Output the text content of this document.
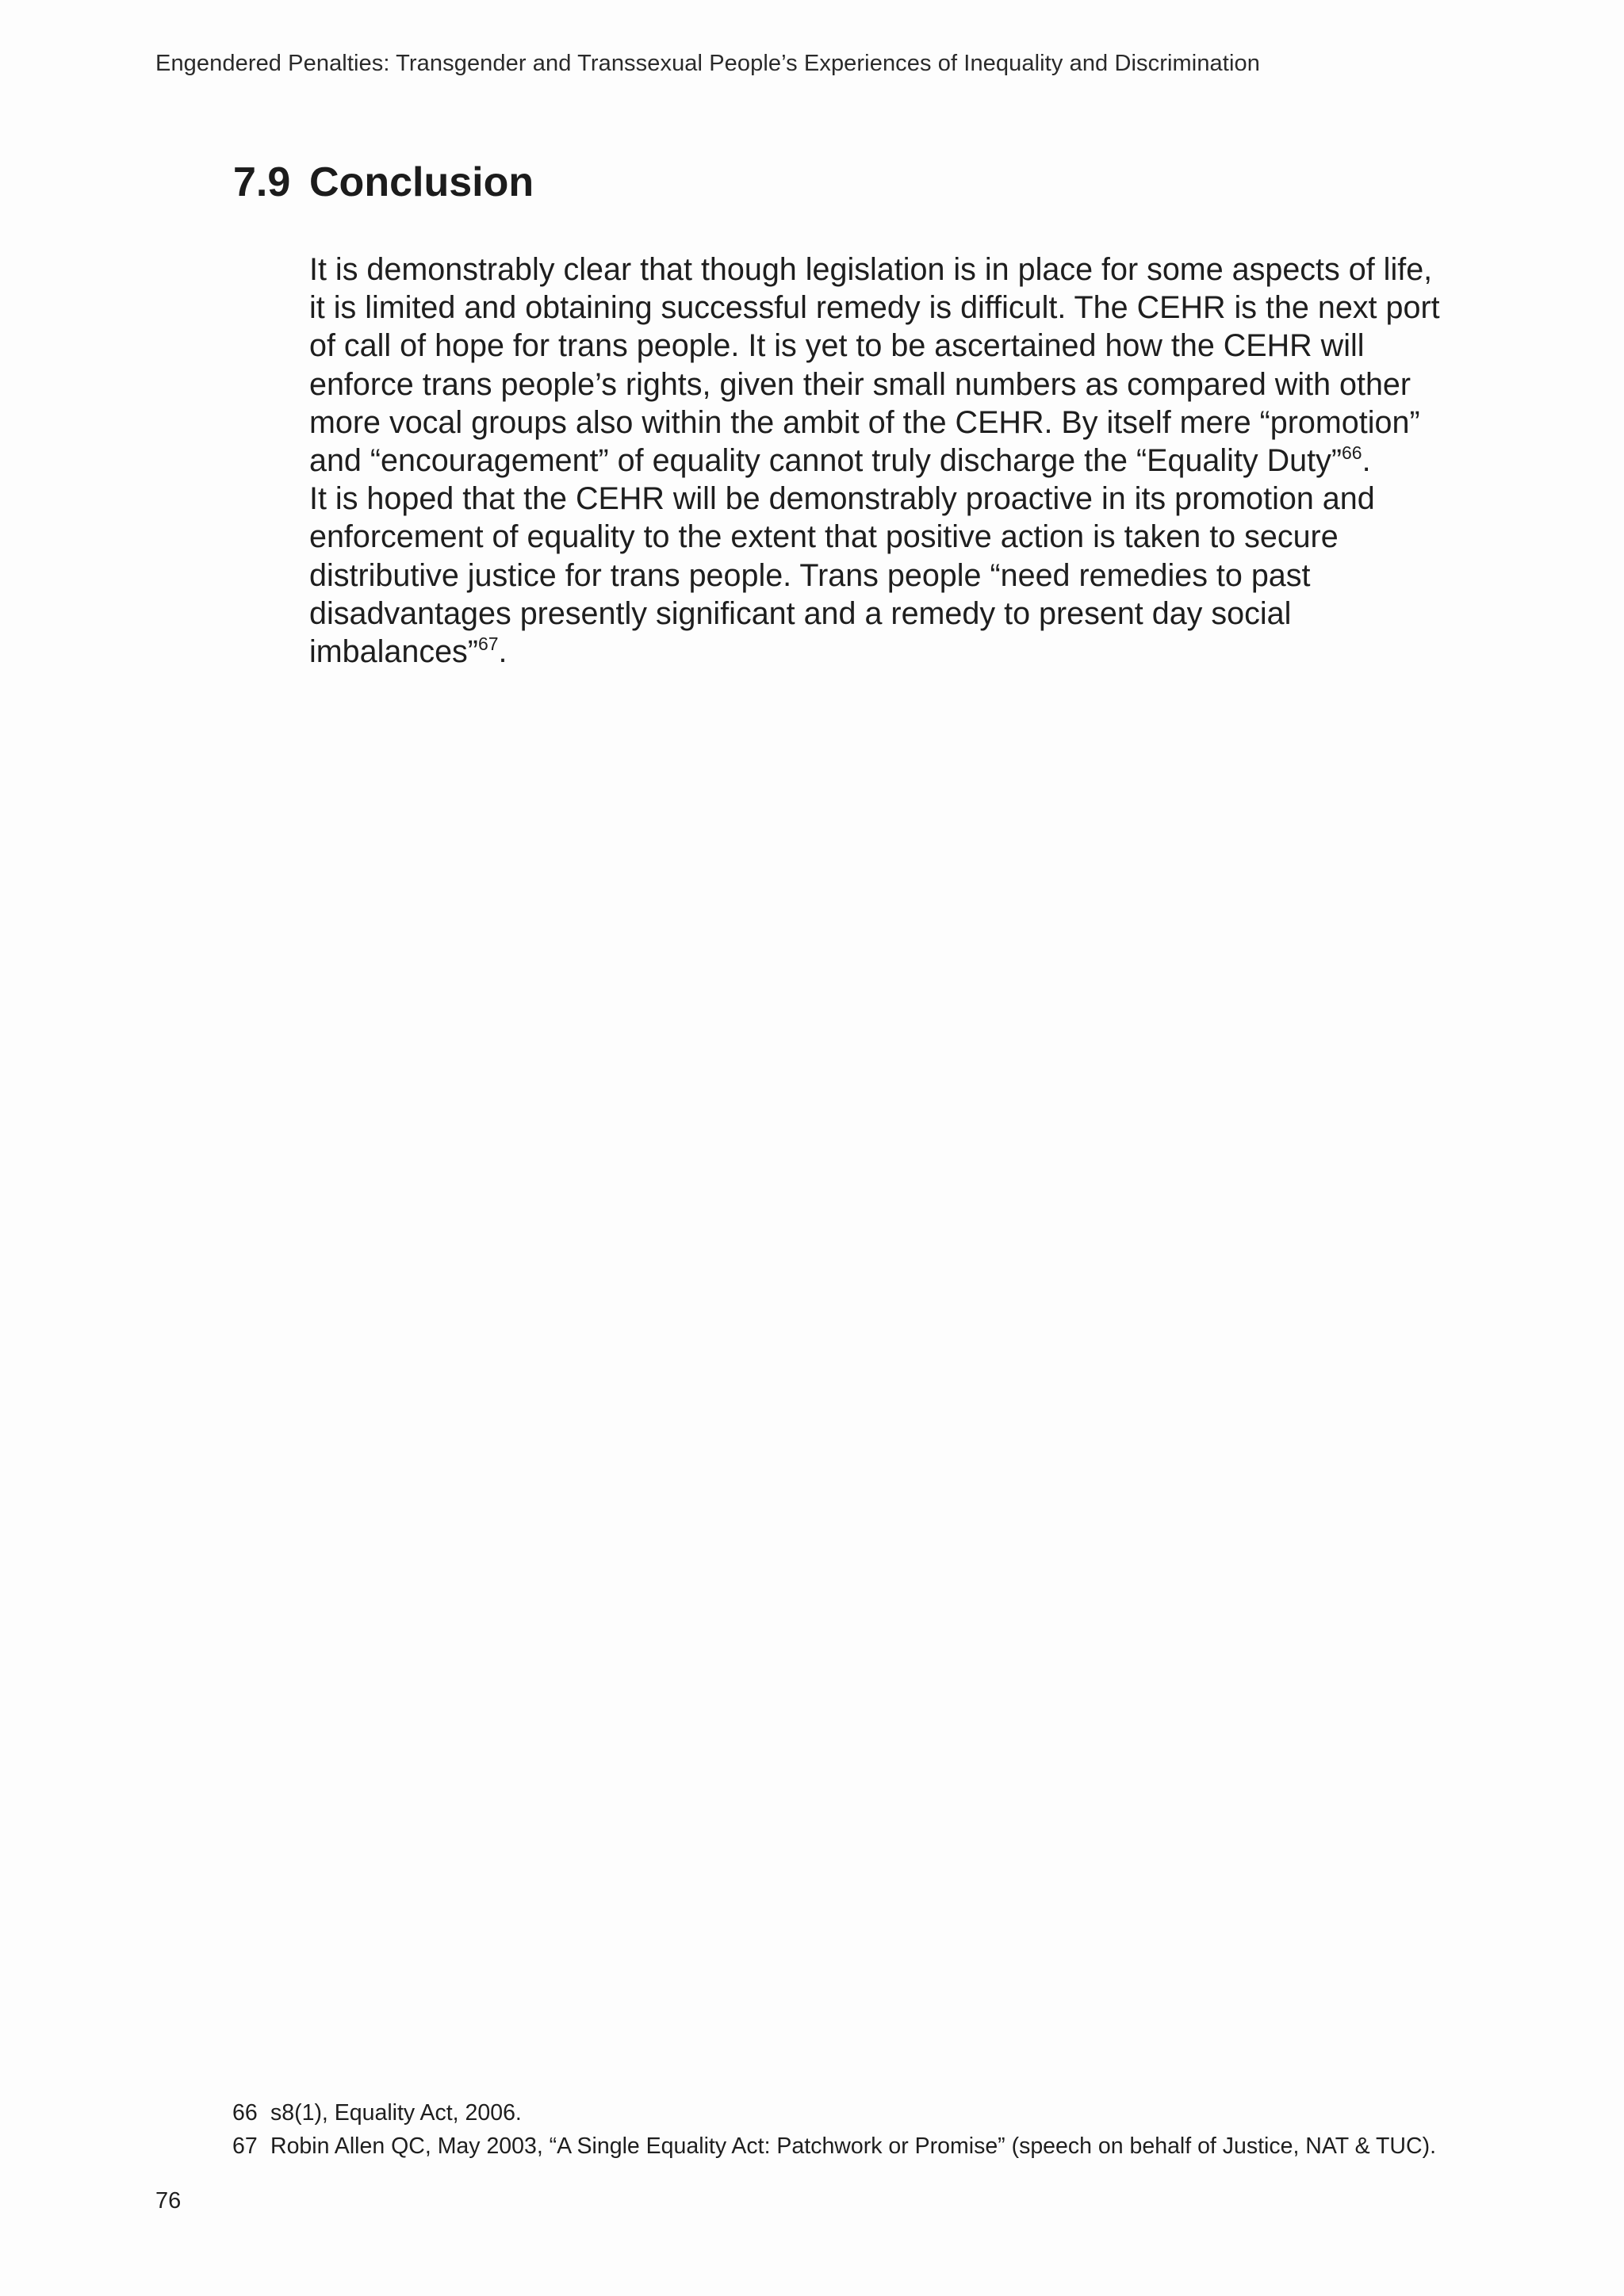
Engendered Penalties: Transgender and Transsexual People’s Experiences of Inequality and Discrimination
7.9 Conclusion

It is demonstrably clear that though legislation is in place for some aspects of life,
it is limited and obtaining successful remedy is difficult. The CEHR is the next port
of call of hope for trans people. It is yet to be ascertained how the CEHR will
enforce trans people’s rights, given their small numbers as compared with other
more vocal groups also within the ambit of the CEHR. By itself mere “promotion”
and “encouragement” of equality cannot truly discharge the “Equality Duty”$^{66}$.
It is hoped that the CEHR will be demonstrably proactive in its promotion and
enforcement of equality to the extent that positive action is taken to secure
distributive justice for trans people. Trans people “need remedies to past
disadvantages presently significant and a remedy to present day social
imbalances”$^{67}$.

66 s8(1), Equality Act, 2006.
67 Robin Allen QC, May 2003, “A Single Equality Act: Patchwork or Promise” (speech on behalf of Justice, NAT & TUC).
76
